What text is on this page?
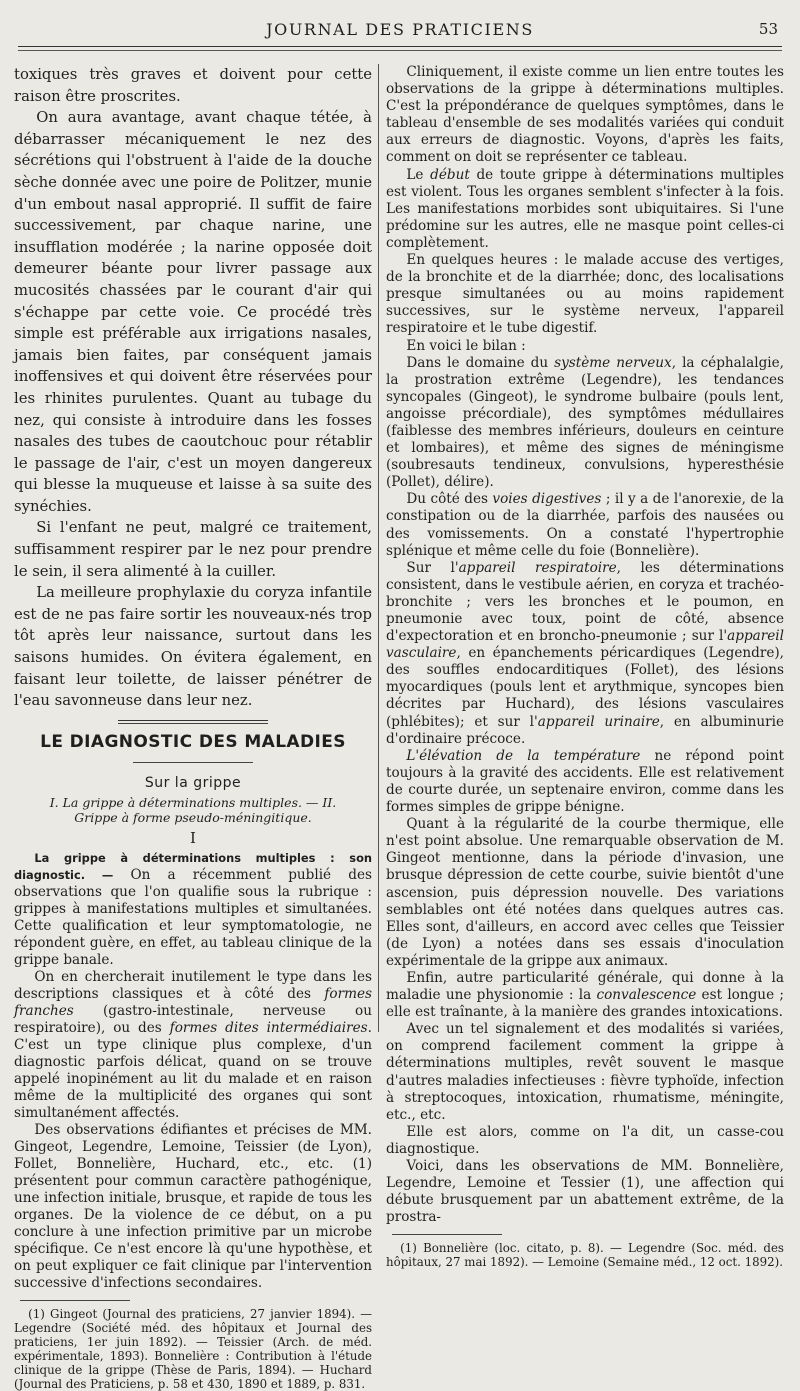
JOURNAL DES PRATICIENS	53

toxiques très graves et doivent pour cette raison être proscrites.

On aura avantage, avant chaque tétée, à débarrasser mécaniquement le nez des sécrétions qui l'obstruent à l'aide de la douche sèche donnée avec une poire de Politzer, munie d'un embout nasal approprié. Il suffit de faire successivement, par chaque narine, une insufflation modérée ; la narine opposée doit demeurer béante pour livrer passage aux mucosités chassées par le courant d'air qui s'échappe par cette voie. Ce procédé très simple est préférable aux irrigations nasales, jamais bien faites, par conséquent jamais inoffensives et qui doivent être réservées pour les rhinites purulentes. Quant au tubage du nez, qui consiste à introduire dans les fosses nasales des tubes de caoutchouc pour rétablir le passage de l'air, c'est un moyen dangereux qui blesse la muqueuse et laisse à sa suite des synéchies.

Si l'enfant ne peut, malgré ce traitement, suffisamment respirer par le nez pour prendre le sein, il sera alimenté à la cuiller.

La meilleure prophylaxie du coryza infantile est de ne pas faire sortir les nouveaux-nés trop tôt après leur naissance, surtout dans les saisons humides. On évitera également, en faisant leur toilette, de laisser pénétrer de l'eau savonneuse dans leur nez.

LE DIAGNOSTIC DES MALADIES
Sur la grippe
I. La grippe à déterminations multiples. — II. Grippe à forme pseudo-méningitique.
I

La grippe à déterminations multiples : son diagnostic. — On a récemment publié des observations que l'on qualifie sous la rubrique : grippes à manifestations multiples et simultanées. Cette qualification et leur symptomatologie, ne répondent guère, en effet, au tableau clinique de la grippe banale.

On en chercherait inutilement le type dans les descriptions classiques et à côté des formes franches (gastro-intestinale, nerveuse ou respiratoire), ou des formes dites intermédiaires. C'est un type clinique plus complexe, d'un diagnostic parfois délicat, quand on se trouve appelé inopinément au lit du malade et en raison même de la multiplicité des organes qui sont simultanément affectés.

Des observations édifiantes et précises de MM. Gingeot, Legendre, Lemoine, Teissier (de Lyon), Follet, Bonnelière, Huchard, etc., etc. (1) présentent pour commun caractère pathogénique, une infection initiale, brusque, et rapide de tous les organes. De la violence de ce début, on a pu conclure à une infection primitive par un microbe spécifique. Ce n'est encore là qu'une hypothèse, et on peut expliquer ce fait clinique par l'intervention successive d'infections secondaires.

(1) Gingeot (Journal des praticiens, 27 janvier 1894). — Legendre (Société méd. des hôpitaux et Journal des praticiens, 1er juin 1892). — Teissier (Arch. de méd. expérimentale, 1893). Bonnelière : Contribution à l'étude clinique de la grippe (Thèse de Paris, 1894). — Huchard (Journal des Praticiens, p. 58 et 430, 1890 et 1889, p. 831.

Cliniquement, il existe comme un lien entre toutes les observations de la grippe à déterminations multiples. C'est la prépondérance de quelques symptômes, dans le tableau d'ensemble de ses modalités variées qui conduit aux erreurs de diagnostic. Voyons, d'après les faits, comment on doit se représenter ce tableau.

Le début de toute grippe à déterminations multiples est violent. Tous les organes semblent s'infecter à la fois. Les manifestations morbides sont ubiquitaires. Si l'une prédomine sur les autres, elle ne masque point celles-ci complètement.

En quelques heures : le malade accuse des vertiges, de la bronchite et de la diarrhée; donc, des localisations presque simultanées ou au moins rapidement successives, sur le système nerveux, l'appareil respiratoire et le tube digestif.

En voici le bilan :

Dans le domaine du système nerveux, la céphalalgie, la prostration extrême (Legendre), les tendances syncopales (Gingeot), le syndrome bulbaire (pouls lent, angoisse précordiale), des symptômes médullaires (faiblesse des membres inférieurs, douleurs en ceinture et lombaires), et même des signes de méningisme (soubresauts tendineux, convulsions, hyperesthésie (Pollet), délire).

Du côté des voies digestives ; il y a de l'anorexie, de la constipation ou de la diarrhée, parfois des nausées ou des vomissements. On a constaté l'hypertrophie splénique et même celle du foie (Bonnelière).

Sur l'appareil respiratoire, les déterminations consistent, dans le vestibule aérien, en coryza et trachéo-bronchite ; vers les bronches et le poumon, en pneumonie avec toux, point de côté, absence d'expectoration et en broncho-pneumonie ; sur l'appareil vasculaire, en épanchements péricardiques (Legendre), des souffles endocarditiques (Follet), des lésions myocardiques (pouls lent et arythmique, syncopes bien décrites par Huchard), des lésions vasculaires (phlébites); et sur l'appareil urinaire, en albuminurie d'ordinaire précoce.

L'élévation de la température ne répond point toujours à la gravité des accidents. Elle est relativement de courte durée, un septenaire environ, comme dans les formes simples de grippe bénigne.

Quant à la régularité de la courbe thermique, elle n'est point absolue. Une remarquable observation de M. Gingeot mentionne, dans la période d'invasion, une brusque dépression de cette courbe, suivie bientôt d'une ascension, puis dépression nouvelle. Des variations semblables ont été notées dans quelques autres cas. Elles sont, d'ailleurs, en accord avec celles que Teissier (de Lyon) a notées dans ses essais d'inoculation expérimentale de la grippe aux animaux.

Enfin, autre particularité générale, qui donne à la maladie une physionomie : la convalescence est longue ; elle est traînante, à la manière des grandes intoxications.

Avec un tel signalement et des modalités si variées, on comprend facilement comment la grippe à déterminations multiples, revêt souvent le masque d'autres maladies infectieuses : fièvre typhoïde, infection à streptocoques, intoxication, rhumatisme, méningite, etc., etc.

Elle est alors, comme on l'a dit, un casse-cou diagnostique.

Voici, dans les observations de MM. Bonnelière, Legendre, Lemoine et Tessier (1), une affection qui débute brusquement par un abattement extrême, de la prostra-

(1) Bonnelière (loc. citato, p. 8). — Legendre (Soc. méd. des hôpitaux, 27 mai 1892). — Lemoine (Semaine méd., 12 oct. 1892).
